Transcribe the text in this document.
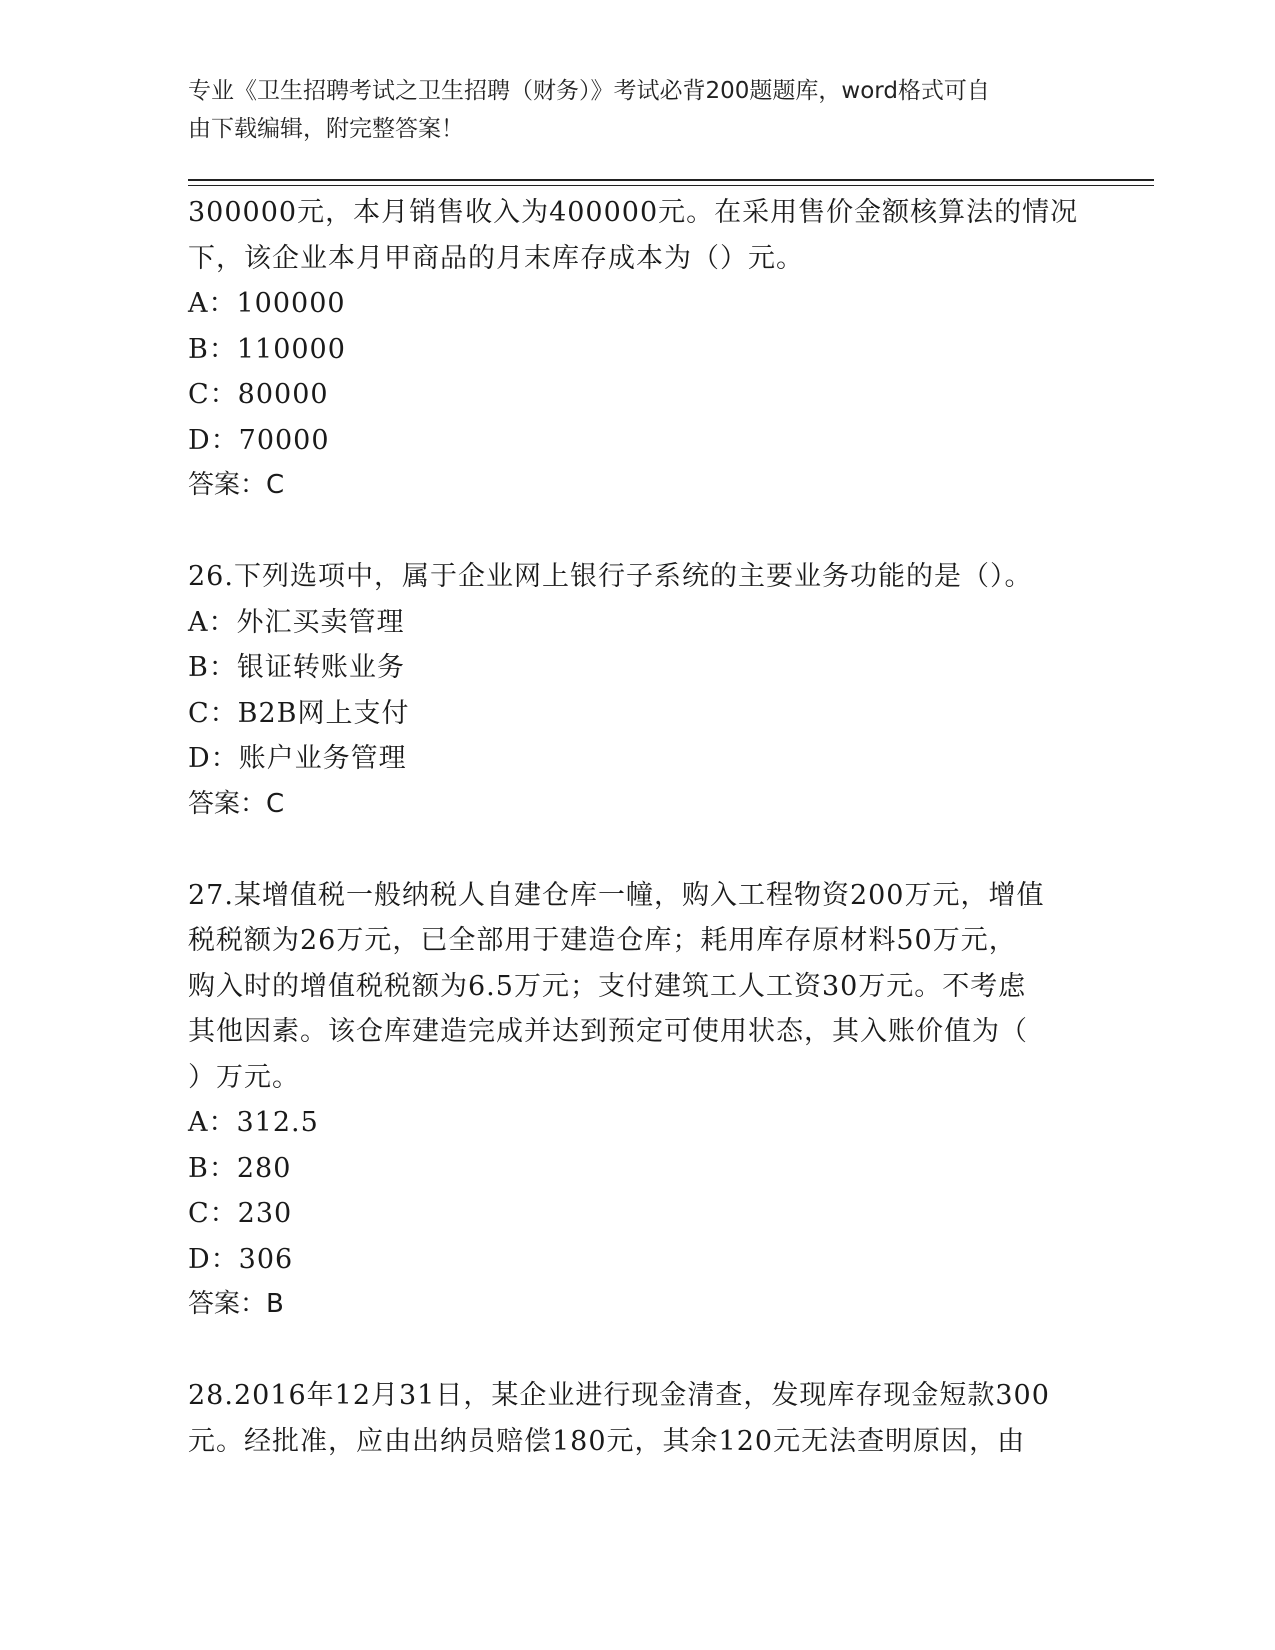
专业《卫生招聘考试之卫生招聘（财务）》考试必背200题题库，word格式可自
由下载编辑，附完整答案！
300000元，本月销售收入为400000元。在采用售价金额核算法的情况
下，该企业本月甲商品的月末库存成本为（）元。
A：100000
B：110000
C：80000
D：70000
答案：C
26.下列选项中，属于企业网上银行子系统的主要业务功能的是（）。
A：外汇买卖管理
B：银证转账业务
C：B2B网上支付
D：账户业务管理
答案：C
27.某增值税一般纳税人自建仓库一幢，购入工程物资200万元，增值
税税额为26万元，已全部用于建造仓库；耗用库存原材料50万元，
购入时的增值税税额为6.5万元；支付建筑工人工资30万元。不考虑
其他因素。该仓库建造完成并达到预定可使用状态，其入账价值为（
）万元。
A：312.5
B：280
C：230
D：306
答案：B
28.2016年12月31日，某企业进行现金清查，发现库存现金短款300
元。经批准，应由出纳员赔偿180元，其余120元无法查明原因，由
